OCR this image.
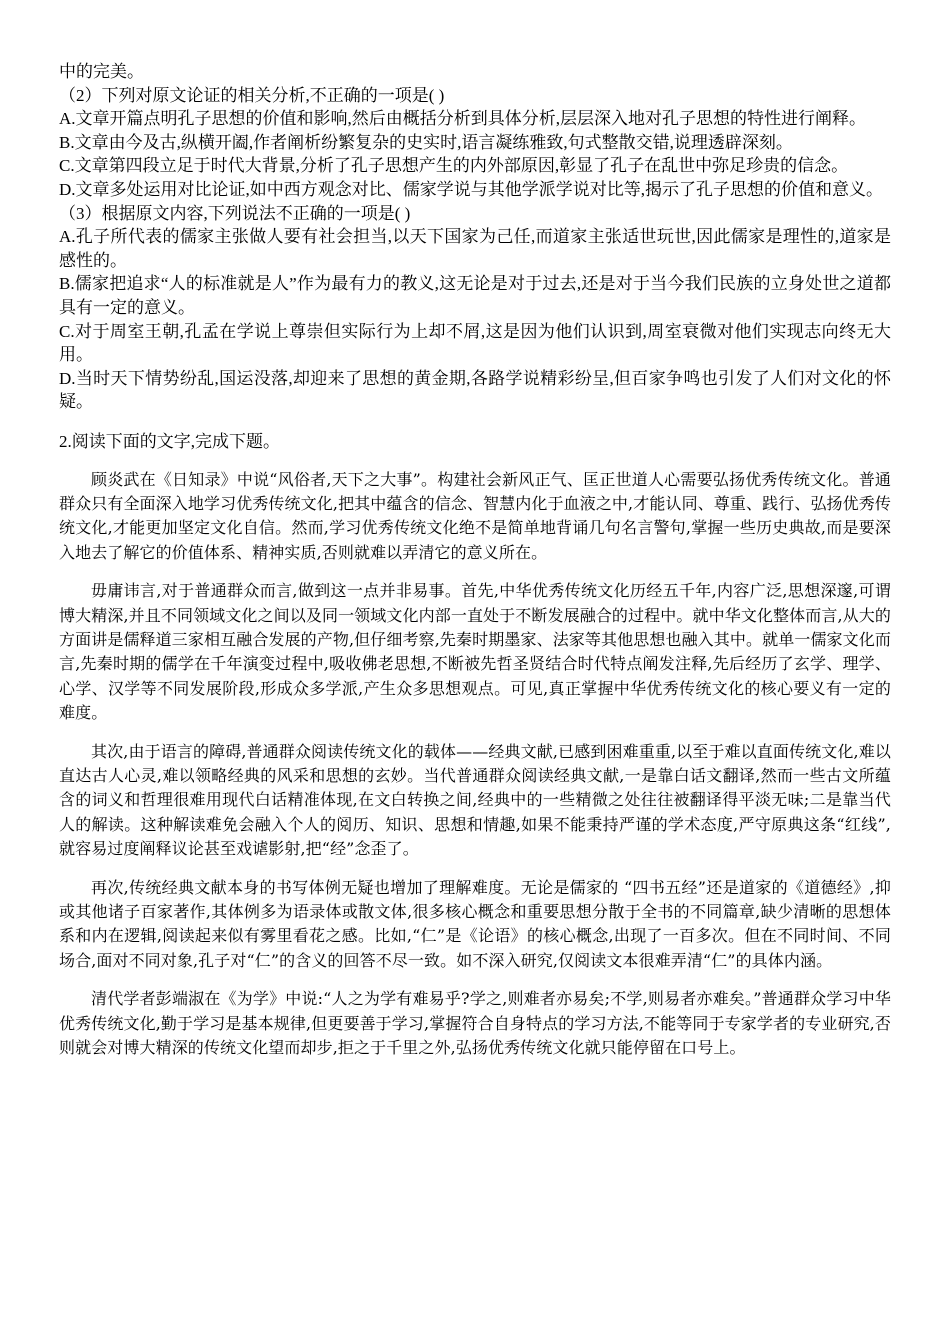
中的完美。

（2）下列对原文论证的相关分析,不正确的一项是( )

A.文章开篇点明孔子思想的价值和影响,然后由概括分析到具体分析,层层深入地对孔子思想的特性进行阐释。

B.文章由今及古,纵横开阖,作者阐析纷繁复杂的史实时,语言凝练雅致,句式整散交错,说理透辟深刻。

C.文章第四段立足于时代大背景,分析了孔子思想产生的内外部原因,彰显了孔子在乱世中弥足珍贵的信念。

D.文章多处运用对比论证,如中西方观念对比、儒家学说与其他学派学说对比等,揭示了孔子思想的价值和意义。

（3）根据原文内容,下列说法不正确的一项是( )

A.孔子所代表的儒家主张做人要有社会担当,以天下国家为己任,而道家主张适世玩世,因此儒家是理性的,道家是感性的。

B.儒家把追求“人的标准就是人”作为最有力的教义,这无论是对于过去,还是对于当今我们民族的立身处世之道都具有一定的意义。

C.对于周室王朝,孔孟在学说上尊崇但实际行为上却不屑,这是因为他们认识到,周室衰微对他们实现志向终无大用。

D.当时天下情势纷乱,国运没落,却迎来了思想的黄金期,各路学说精彩纷呈,但百家争鸣也引发了人们对文化的怀疑。

2.阅读下面的文字,完成下题。

顾炎武在《日知录》中说“风俗者,天下之大事”。构建社会新风正气、匡正世道人心需要弘扬优秀传统文化。普通群众只有全面深入地学习优秀传统文化,把其中蕴含的信念、智慧内化于血液之中,才能认同、尊重、践行、弘扬优秀传统文化,才能更加坚定文化自信。然而,学习优秀传统文化绝不是简单地背诵几句名言警句,掌握一些历史典故,而是要深入地去了解它的价值体系、精神实质,否则就难以弄清它的意义所在。

毋庸讳言,对于普通群众而言,做到这一点并非易事。首先,中华优秀传统文化历经五千年,内容广泛,思想深邃,可谓博大精深,并且不同领域文化之间以及同一领域文化内部一直处于不断发展融合的过程中。就中华文化整体而言,从大的方面讲是儒释道三家相互融合发展的产物,但仔细考察,先秦时期墨家、法家等其他思想也融入其中。就单一儒家文化而言,先秦时期的儒学在千年演变过程中,吸收佛老思想,不断被先哲圣贤结合时代特点阐发注释,先后经历了玄学、理学、心学、汉学等不同发展阶段,形成众多学派,产生众多思想观点。可见,真正掌握中华优秀传统文化的核心要义有一定的难度。

其次,由于语言的障碍,普通群众阅读传统文化的载体——经典文献,已感到困难重重,以至于难以直面传统文化,难以直达古人心灵,难以领略经典的风采和思想的玄妙。当代普通群众阅读经典文献,一是靠白话文翻译,然而一些古文所蕴含的词义和哲理很难用现代白话精准体现,在文白转换之间,经典中的一些精微之处往往被翻译得平淡无味;二是靠当代人的解读。这种解读难免会融入个人的阅历、知识、思想和情趣,如果不能秉持严谨的学术态度,严守原典这条“红线”,就容易过度阐释议论甚至戏谑影射,把“经”念歪了。

再次,传统经典文献本身的书写体例无疑也增加了理解难度。无论是儒家的 “四书五经”还是道家的《道德经》,抑或其他诸子百家著作,其体例多为语录体或散文体,很多核心概念和重要思想分散于全书的不同篇章,缺少清晰的思想体系和内在逻辑,阅读起来似有雾里看花之感。比如,“仁”是《论语》的核心概念,出现了一百多次。但在不同时间、不同场合,面对不同对象,孔子对“仁”的含义的回答不尽一致。如不深入研究,仅阅读文本很难弄清“仁”的具体内涵。

清代学者彭端淑在《为学》中说:“人之为学有难易乎?学之,则难者亦易矣;不学,则易者亦难矣。”普通群众学习中华优秀传统文化,勤于学习是基本规律,但更要善于学习,掌握符合自身特点的学习方法,不能等同于专家学者的专业研究,否则就会对博大精深的传统文化望而却步,拒之于千里之外,弘扬优秀传统文化就只能停留在口号上。
